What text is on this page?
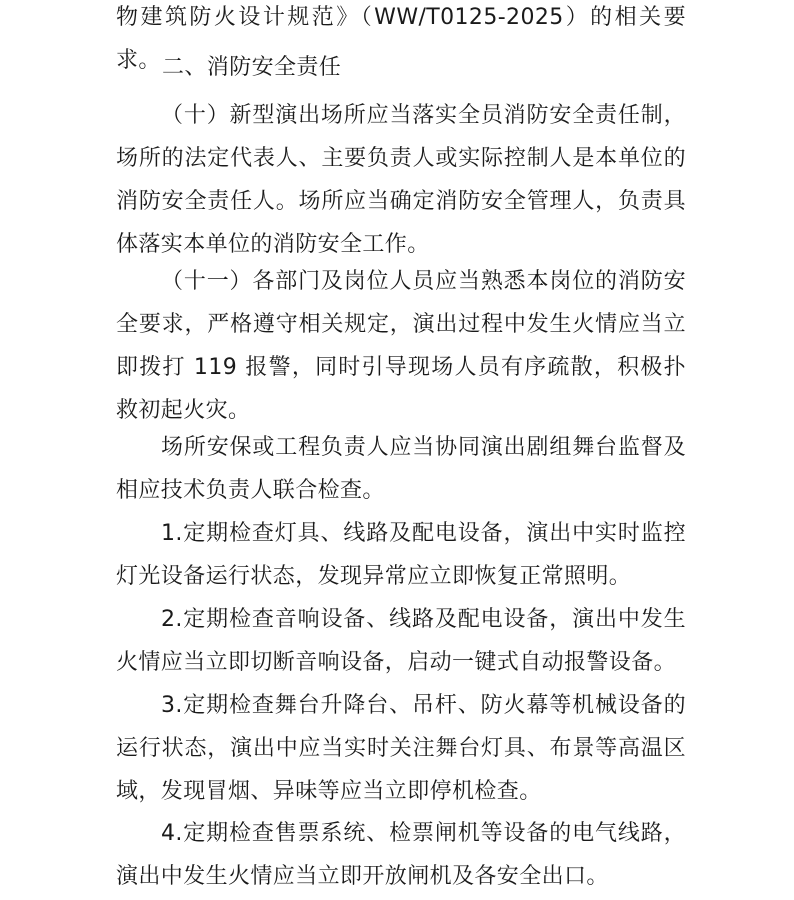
物建筑防火设计规范》（WW/T0125-2025）的相关要求。 二、消防安全责任

（十）新型演出场所应当落实全员消防安全责任制，场所的法定代表人、主要负责人或实际控制人是本单位的消防安全责任人。场所应当确定消防安全管理人，负责具体落实本单位的消防安全工作。

（十一）各部门及岗位人员应当熟悉本岗位的消防安全要求，严格遵守相关规定，演出过程中发生火情应当立即拨打 119 报警，同时引导现场人员有序疏散，积极扑救初起火灾。

场所安保或工程负责人应当协同演出剧组舞台监督及相应技术负责人联合检查。

1.定期检查灯具、线路及配电设备，演出中实时监控灯光设备运行状态，发现异常应立即恢复正常照明。

2.定期检查音响设备、线路及配电设备，演出中发生火情应当立即切断音响设备，启动一键式自动报警设备。

3.定期检查舞台升降台、吊杆、防火幕等机械设备的运行状态，演出中应当实时关注舞台灯具、布景等高温区域，发现冒烟、异味等应当立即停机检查。

4.定期检查售票系统、检票闸机等设备的电气线路，演出中发生火情应当立即开放闸机及各安全出口。
